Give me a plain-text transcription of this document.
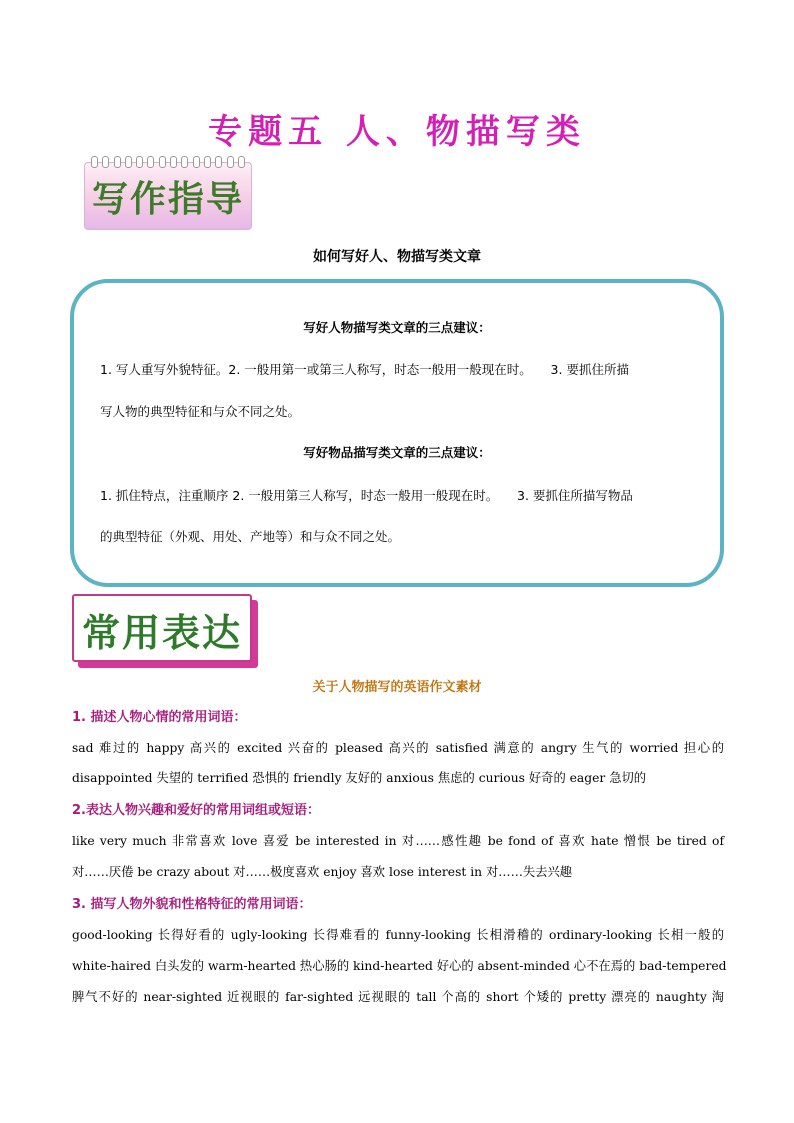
专题五 人、物描写类
写作指导
如何写好人、物描写类文章
写好人物描写类文章的三点建议：
1. 写人重写外貌特征。2. 一般用第一或第三人称写，时态一般用一般现在时。　　3. 要抓住所描
写人物的典型特征和与众不同之处。
写好物品描写类文章的三点建议：
1. 抓住特点，注重顺序 2. 一般用第三人称写，时态一般用一般现在时。　　3. 要抓住所描写物品
的典型特征（外观、用处、产地等）和与众不同之处。
常用表达
关于人物描写的英语作文素材
1. 描述人物心情的常用词语：
sad 难过的 happy 高兴的 excited 兴奋的 pleased 高兴的 satisfied 满意的 angry 生气的 worried 担心的
disappointed 失望的 terrified 恐惧的 friendly 友好的 anxious 焦虑的 curious 好奇的 eager 急切的
2.表达人物兴趣和爱好的常用词组或短语：
like very much 非常喜欢 love 喜爱 be interested in 对……感性趣 be fond of 喜欢 hate 憎恨 be tired of
对……厌倦 be crazy about 对……极度喜欢 enjoy 喜欢 lose interest in 对……失去兴趣
3. 描写人物外貌和性格特征的常用词语：
good-looking 长得好看的 ugly-looking 长得难看的 funny-looking 长相滑稽的 ordinary-looking 长相一般的
white-haired 白头发的 warm-hearted 热心肠的 kind-hearted 好心的 absent-minded 心不在焉的 bad-tempered
脾气不好的 near-sighted 近视眼的 far-sighted 远视眼的 tall 个高的 short 个矮的 pretty 漂亮的 naughty 淘
